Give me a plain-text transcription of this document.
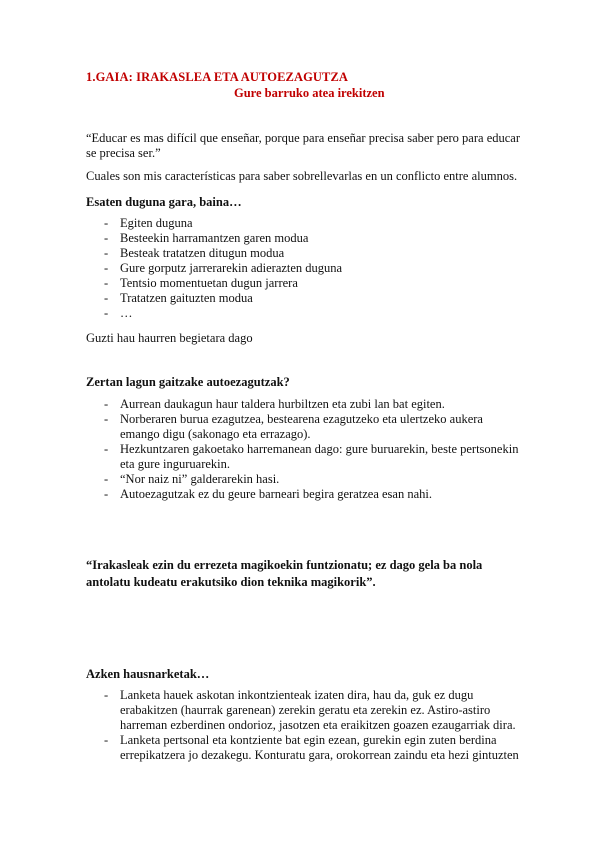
1.GAIA: IRAKASLEA ETA AUTOEZAGUTZA
Gure barruko atea irekitzen
“Educar es mas difícil que enseñar, porque para enseñar precisa saber pero para educar
se precisa ser.”
Cuales son mis características para saber sobrellevarlas en un conflicto entre alumnos.
Esaten duguna gara, baina…
- Egiten duguna
- Besteekin harramantzen garen modua
- Besteak tratatzen ditugun modua
- Gure gorputz jarrerarekin adierazten duguna
- Tentsio momentuetan dugun jarrera
- Tratatzen gaituzten modua
- …
Guzti hau haurren begietara dago
Zertan lagun gaitzake autoezagutzak?
- Aurrean daukagun haur taldera hurbiltzen eta zubi lan bat egiten.
- Norberaren burua ezagutzea, bestearena ezagutzeko eta ulertzeko aukera
emango digu (sakonago eta errazago).
- Hezkuntzaren gakoetako harremanean dago: gure buruarekin, beste pertsonekin
eta gure inguruarekin.
- “Nor naiz ni” galderarekin hasi.
- Autoezagutzak ez du geure barneari begira geratzea esan nahi.
“Irakasleak ezin du errezeta magikoekin funtzionatu; ez dago gela ba nola
antolatu kudeatu erakutsiko dion teknika magikorik”.
Azken hausnarketak…
- Lanketa hauek askotan inkontzienteak izaten dira, hau da, guk ez dugu
erabakitzen (haurrak garenean) zerekin geratu eta zerekin ez. Astiro-astiro
harreman ezberdinen ondorioz, jasotzen eta eraikitzen goazen ezaugarriak dira.
- Lanketa pertsonal eta kontziente bat egin ezean, gurekin egin zuten berdina
errepikatzera jo dezakegu. Konturatu gara, orokorrean zaindu eta hezi gintuzten
